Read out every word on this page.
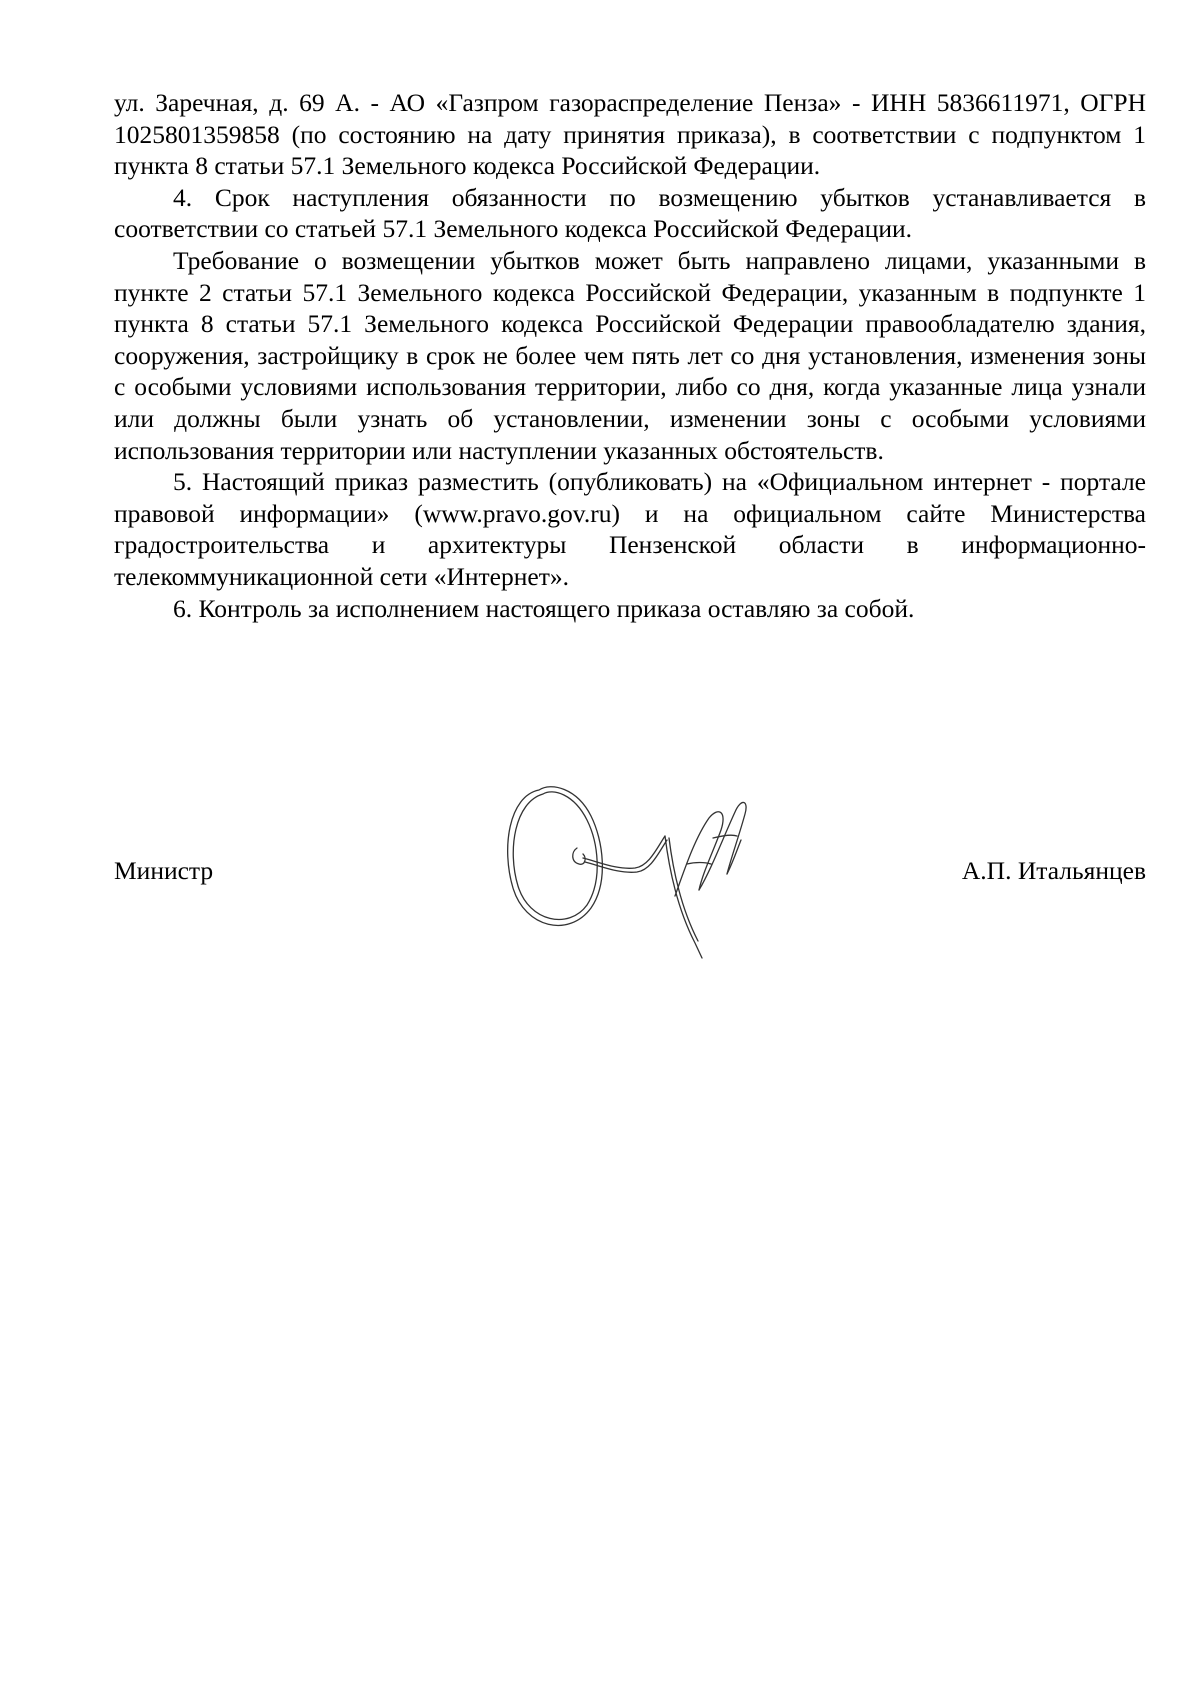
ул. Заречная, д. 69 А. - АО «Газпром газораспределение Пенза» - ИНН 5836611971, ОГРН 1025801359858 (по состоянию на дату принятия приказа), в соответствии с подпунктом 1 пункта 8 статьи 57.1 Земельного кодекса Российской Федерации.

4. Срок наступления обязанности по возмещению убытков устанавливается в соответствии со статьей 57.1 Земельного кодекса Российской Федерации.

Требование о возмещении убытков может быть направлено лицами, указанными в пункте 2 статьи 57.1 Земельного кодекса Российской Федерации, указанным в подпункте 1 пункта 8 статьи 57.1 Земельного кодекса Российской Федерации правообладателю здания, сооружения, застройщику в срок не более чем пять лет со дня установления, изменения зоны с особыми условиями использования территории, либо со дня, когда указанные лица узнали или должны были узнать об установлении, изменении зоны с особыми условиями использования территории или наступлении указанных обстоятельств.

5. Настоящий приказ разместить (опубликовать) на «Официальном интернет - портале правовой информации» (www.pravo.gov.ru) и на официальном сайте Министерства градостроительства и архитектуры Пензенской области в информационно-телекоммуникационной сети «Интернет».

6. Контроль за исполнением настоящего приказа оставляю за собой.

Министр	А.П. Итальянцев
